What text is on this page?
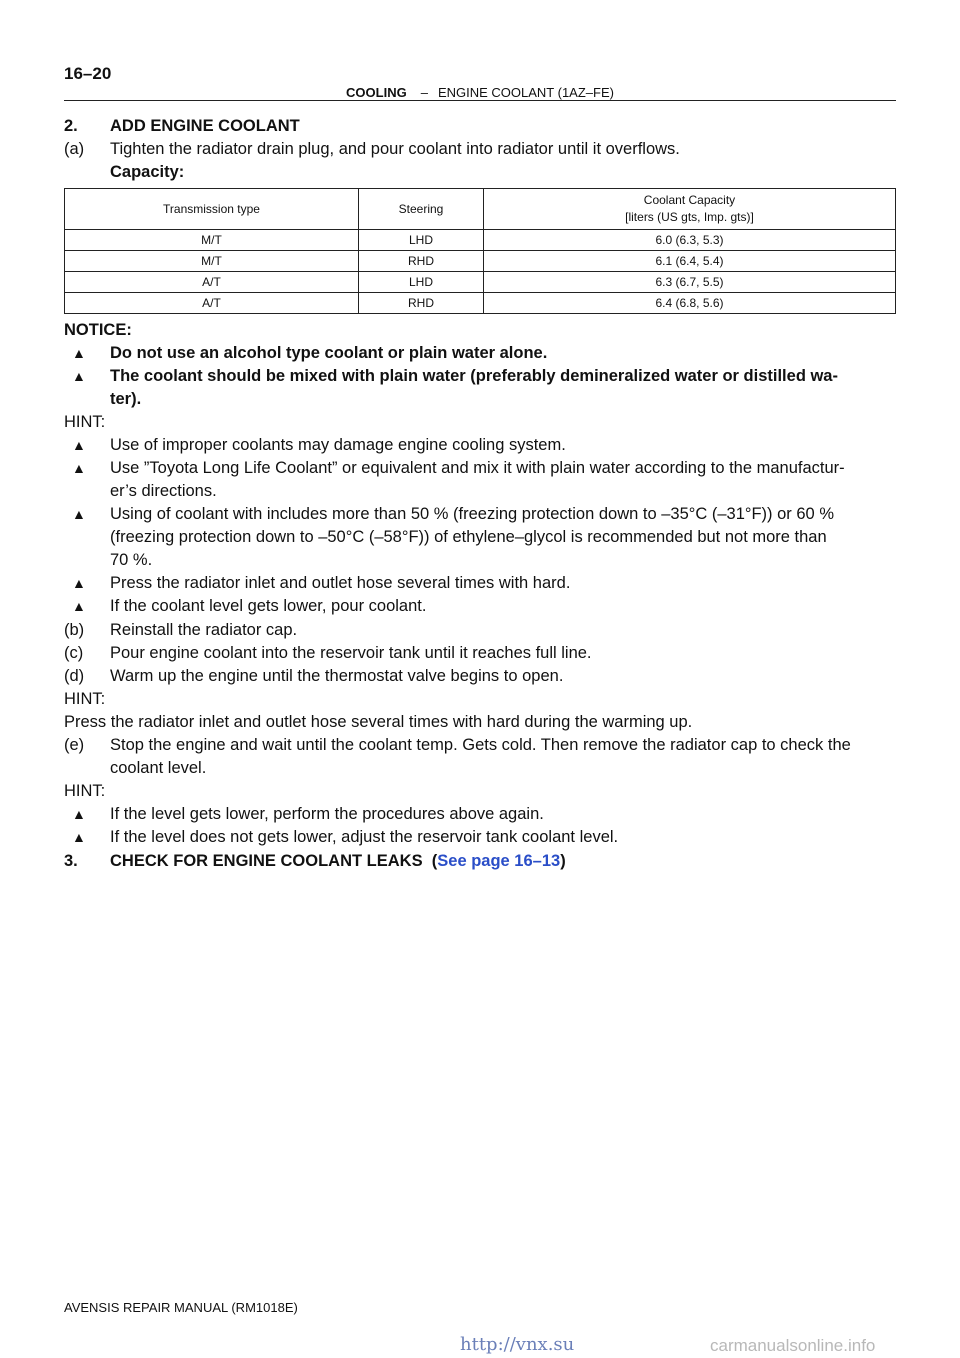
16–20
COOLING – ENGINE COOLANT (1AZ–FE)
2. ADD ENGINE COOLANT
(a) Tighten the radiator drain plug, and pour coolant into radiator until it overflows.
Capacity:
Transmission type	Steering	Coolant Capacity
[liters (US gts, Imp. gts)]
M/T	LHD	6.0 (6.3, 5.3)
M/T	RHD	6.1 (6.4, 5.4)
A/T	LHD	6.3 (6.7, 5.5)
A/T	RHD	6.4 (6.8, 5.6)
NOTICE:
▲ Do not use an alcohol type coolant or plain water alone.
▲ The coolant should be mixed with plain water (preferably demineralized water or distilled wa-
ter).
HINT:
▲ Use of improper coolants may damage engine cooling system.
▲ Use ”Toyota Long Life Coolant” or equivalent and mix it with plain water according to the manufactur-
er’s directions.
▲ Using of coolant with includes more than 50 % (freezing protection down to –35°C (–31°F)) or 60 %
(freezing protection down to –50°C (–58°F)) of ethylene–glycol is recommended but not more than
70 %.
▲ Press the radiator inlet and outlet hose several times with hard.
▲ If the coolant level gets lower, pour coolant.
(b) Reinstall the radiator cap.
(c) Pour engine coolant into the reservoir tank until it reaches full line.
(d) Warm up the engine until the thermostat valve begins to open.
HINT:
Press the radiator inlet and outlet hose several times with hard during the warming up.
(e) Stop the engine and wait until the coolant temp. Gets cold. Then remove the radiator cap to check the
coolant level.
HINT:
▲ If the level gets lower, perform the procedures above again.
▲ If the level does not gets lower, adjust the reservoir tank coolant level.
3. CHECK FOR ENGINE COOLANT LEAKS (See page 16–13)
AVENSIS REPAIR MANUAL (RM1018E)
http://vnx.su	carmanualsonline.info
